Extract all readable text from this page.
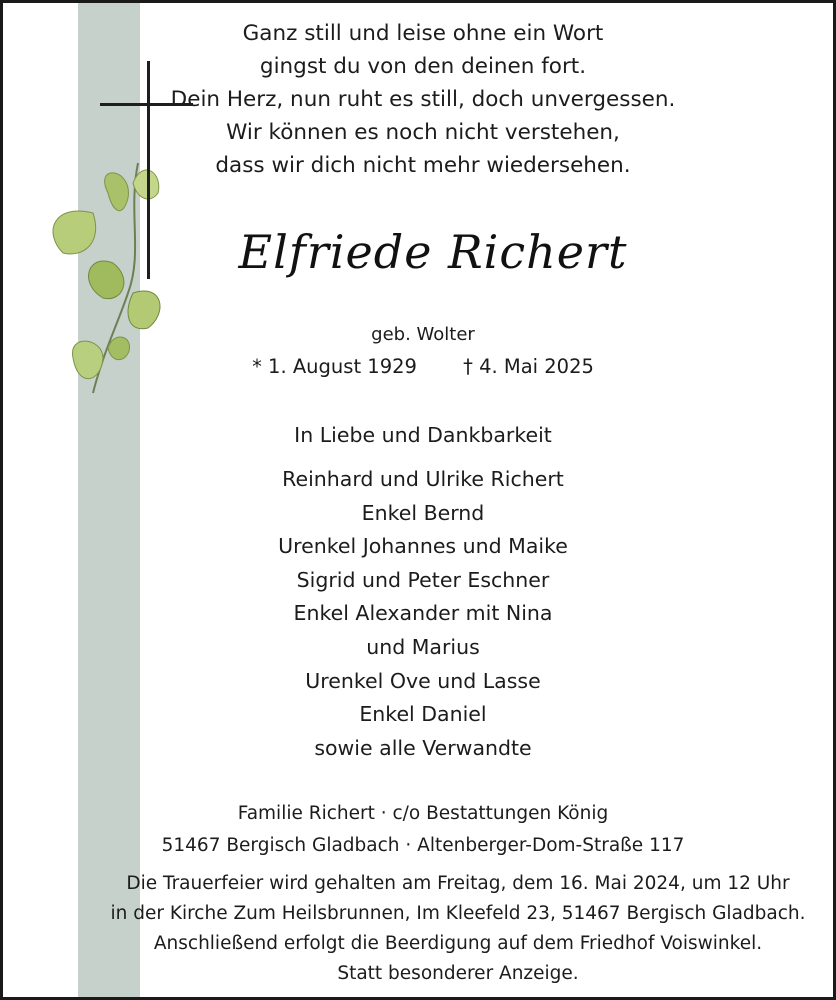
Ganz still und leise ohne ein Wort
gingst du von den deinen fort.
Dein Herz, nun ruht es still, doch unvergessen.
Wir können es noch nicht verstehen,
dass wir dich nicht mehr wiedersehen.
Elfriede Richert
geb. Wolter
* 1. August 1929 † 4. Mai 2025
In Liebe und Dankbarkeit
Reinhard und Ulrike Richert
Enkel Bernd
Urenkel Johannes und Maike
Sigrid und Peter Eschner
Enkel Alexander mit Nina
und Marius
Urenkel Ove und Lasse
Enkel Daniel
sowie alle Verwandte
Familie Richert · c/o Bestattungen König
51467 Bergisch Gladbach · Altenberger-Dom-Straße 117
Die Trauerfeier wird gehalten am Freitag, dem 16. Mai 2024, um 12 Uhr
in der Kirche Zum Heilsbrunnen, Im Kleefeld 23, 51467 Bergisch Gladbach.
Anschließend erfolgt die Beerdigung auf dem Friedhof Voiswinkel.
Statt besonderer Anzeige.
